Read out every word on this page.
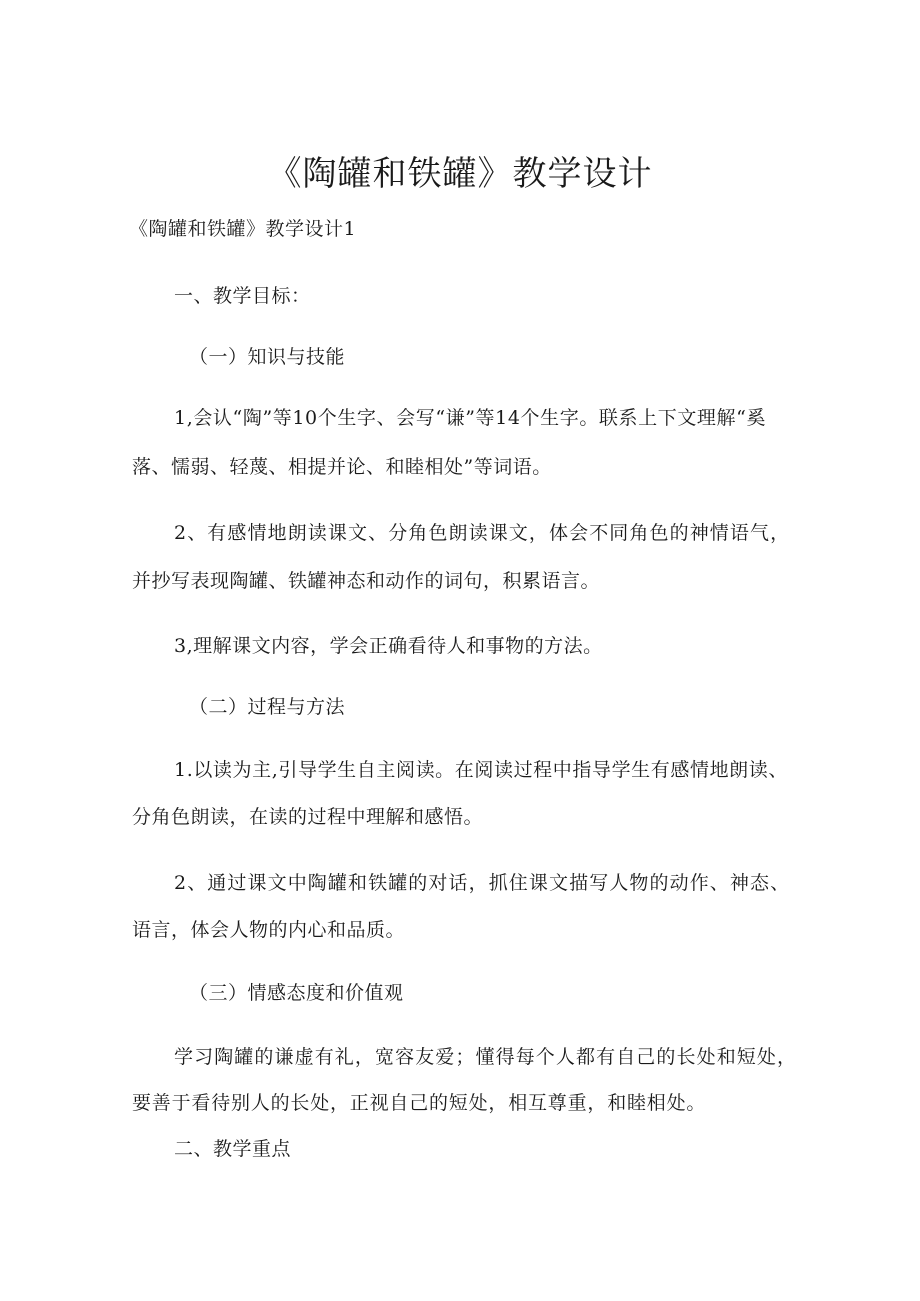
《陶罐和铁罐》教学设计
《陶罐和铁罐》教学设计1
一、教学目标：
（一）知识与技能
1,会认“陶”等10个生字、会写“谦”等14个生字。联系上下文理解“奚
落、懦弱、轻蔑、相提并论、和睦相处”等词语。
2、有感情地朗读课文、分角色朗读课文，体会不同角色的神情语气，
并抄写表现陶罐、铁罐神态和动作的词句，积累语言。
3,理解课文内容，学会正确看待人和事物的方法。
（二）过程与方法
1.以读为主,引导学生自主阅读。在阅读过程中指导学生有感情地朗读、
分角色朗读，在读的过程中理解和感悟。
2、通过课文中陶罐和铁罐的对话，抓住课文描写人物的动作、神态、
语言，体会人物的内心和品质。
（三）情感态度和价值观
学习陶罐的谦虚有礼，宽容友爱；懂得每个人都有自己的长处和短处，
要善于看待别人的长处，正视自己的短处，相互尊重，和睦相处。
二、教学重点
